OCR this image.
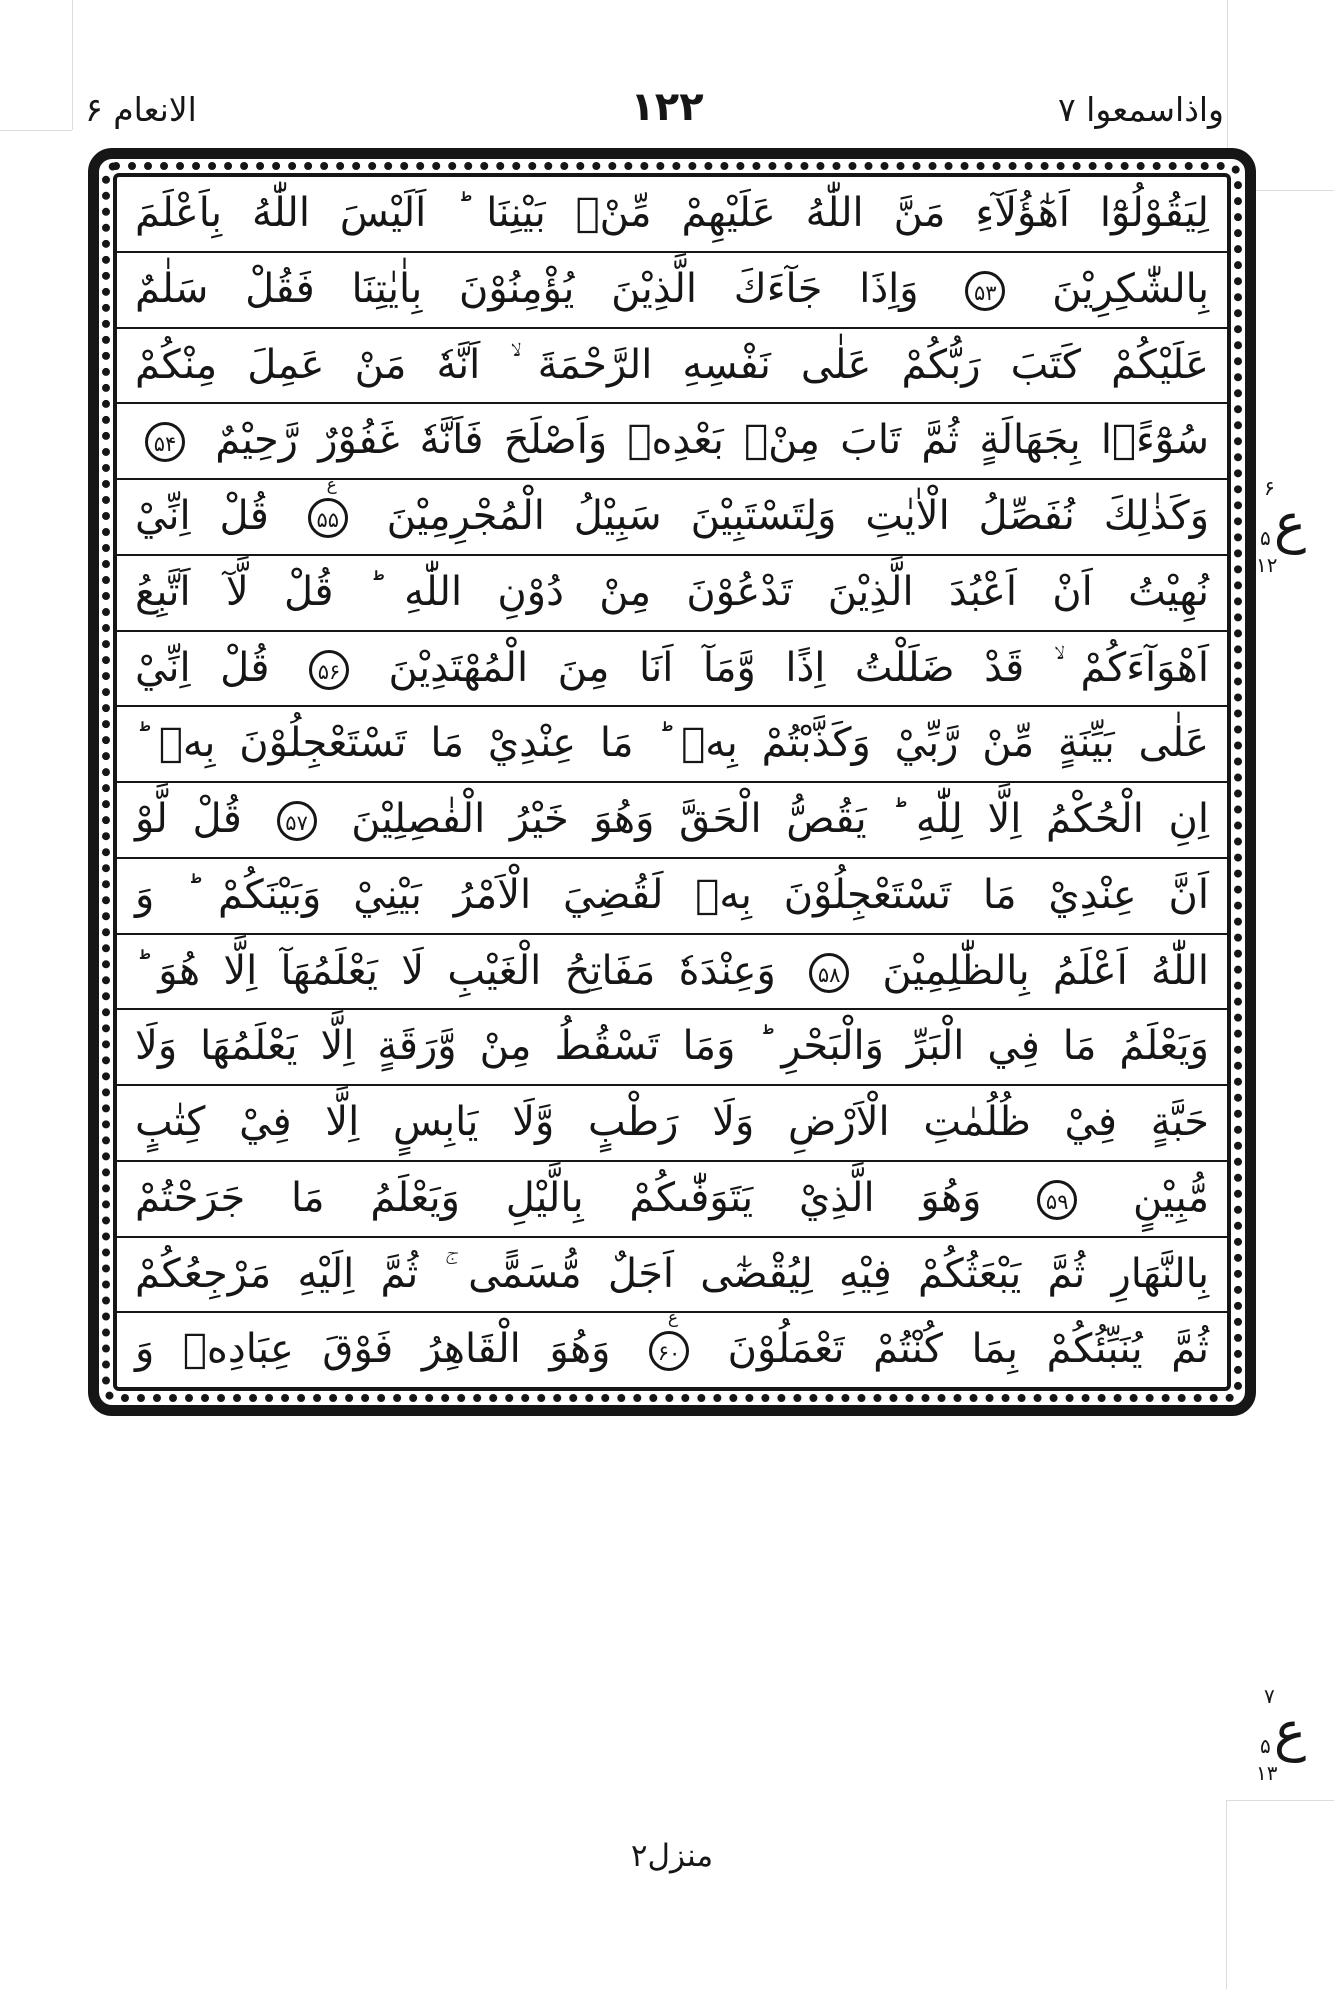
الانعام ۶	۱۲۲	واذاسمعوا ۷
لِيَقُوْلُوْٓا اَهٰٓؤُلَآءِ مَنَّ اللّٰهُ عَلَيْهِمْ مِّنْۢ بَيْنِنَا ؕ اَلَيْسَ اللّٰهُ بِاَعْلَمَ
بِالشّٰكِرِيْنَ ۵۳ وَاِذَا جَآءَكَ الَّذِيْنَ يُؤْمِنُوْنَ بِاٰيٰتِنَا فَقُلْ سَلٰمٌ
عَلَيْكُمْ كَتَبَ رَبُّكُمْ عَلٰى نَفْسِهِ الرَّحْمَةَ ۙ اَنَّهٗ مَنْ عَمِلَ مِنْكُمْ
سُوْٓءًۢا بِجَهَالَةٍ ثُمَّ تَابَ مِنْۢ بَعْدِهٖ وَاَصْلَحَ فَاَنَّهٗ غَفُوْرٌ رَّحِيْمٌ ۵۴
وَكَذٰلِكَ نُفَصِّلُ الْاٰيٰتِ وَلِتَسْتَبِيْنَ سَبِيْلُ الْمُجْرِمِيْنَ ۵۵
ع
قُلْ اِنِّيْ
نُهِيْتُ اَنْ اَعْبُدَ الَّذِيْنَ تَدْعُوْنَ مِنْ دُوْنِ اللّٰهِ ؕ قُلْ لَّآ اَتَّبِعُ
اَهْوَآءَكُمْ ۙ قَدْ ضَلَلْتُ اِذًا وَّمَآ اَنَا مِنَ الْمُهْتَدِيْنَ ۵۶ قُلْ اِنِّيْ
عَلٰى بَيِّنَةٍ مِّنْ رَّبِّيْ وَكَذَّبْتُمْ بِهٖ ؕ مَا عِنْدِيْ مَا تَسْتَعْجِلُوْنَ بِهٖ ؕ
اِنِ الْحُكْمُ اِلَّا لِلّٰهِ ؕ يَقُصُّ الْحَقَّ وَهُوَ خَيْرُ الْفٰصِلِيْنَ ۵۷ قُلْ لَّوْ
اَنَّ عِنْدِيْ مَا تَسْتَعْجِلُوْنَ بِهٖ لَقُضِيَ الْاَمْرُ بَيْنِيْ وَبَيْنَكُمْ ؕ وَ
اللّٰهُ اَعْلَمُ بِالظّٰلِمِيْنَ ۵۸ وَعِنْدَهٗ مَفَاتِحُ الْغَيْبِ لَا يَعْلَمُهَآ اِلَّا هُوَ ؕ
وَيَعْلَمُ مَا فِي الْبَرِّ وَالْبَحْرِ ؕ وَمَا تَسْقُطُ مِنْ وَّرَقَةٍ اِلَّا يَعْلَمُهَا وَلَا
حَبَّةٍ فِيْ ظُلُمٰتِ الْاَرْضِ وَلَا رَطْبٍ وَّلَا يَابِسٍ اِلَّا فِيْ كِتٰبٍ
مُّبِيْنٍ ۵۹ وَهُوَ الَّذِيْ يَتَوَفّٰىكُمْ بِالَّيْلِ وَيَعْلَمُ مَا جَرَحْتُمْ
بِالنَّهَارِ ثُمَّ يَبْعَثُكُمْ فِيْهِ لِيُقْضٰٓى اَجَلٌ مُّسَمًّى ۚ ثُمَّ اِلَيْهِ مَرْجِعُكُمْ
ثُمَّ يُنَبِّئُكُمْ بِمَا كُنْتُمْ تَعْمَلُوْنَ ۶۰
ع
وَهُوَ الْقَاهِرُ فَوْقَ عِبَادِهٖ وَ
۶
ع
۵
۱۲
۷
ع
۵
۱۳
منزل۲
